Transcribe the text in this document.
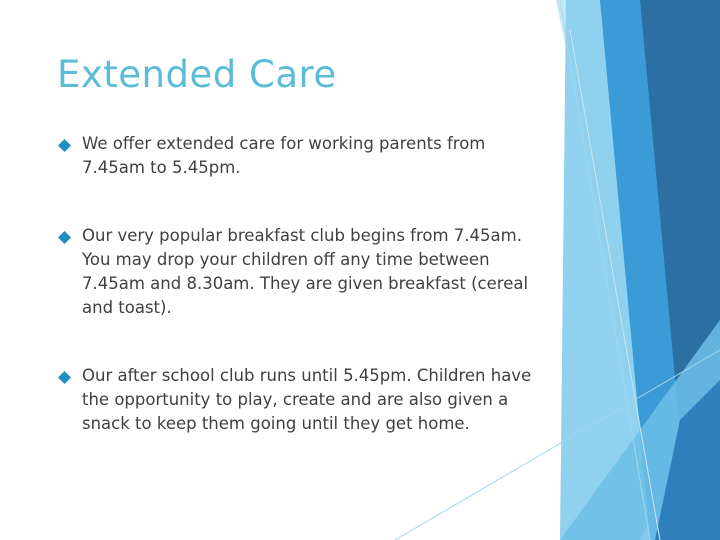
Extended Care
We offer extended care for working parents from 7.45am to 5.45pm.
Our very popular breakfast club begins from 7.45am. You may drop your children off any time between 7.45am and 8.30am. They are given breakfast (cereal and toast).
Our after school club runs until 5.45pm. Children have the opportunity to play, create and are also given a snack to keep them going until they get home.
